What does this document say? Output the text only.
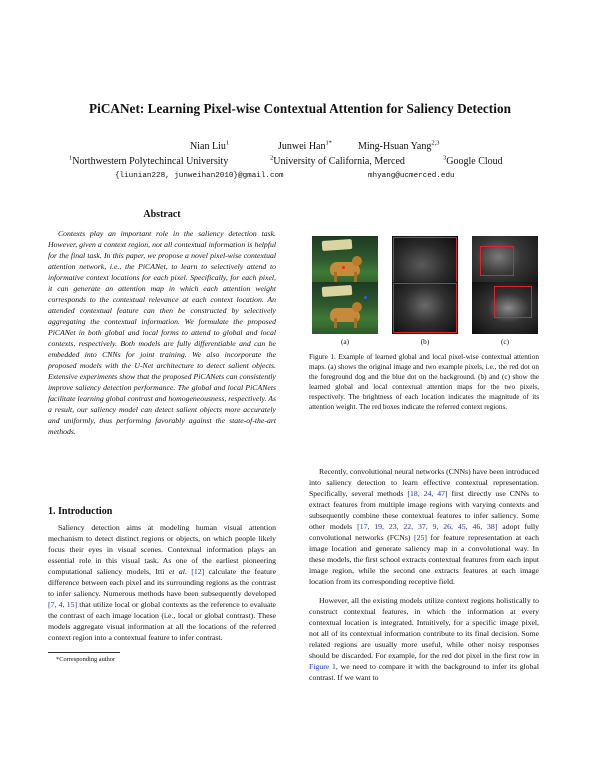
PiCANet: Learning Pixel-wise Contextual Attention for Saliency Detection
Nian Liu$^1$	Junwei Han$^{1*}$	Ming-Hsuan Yang$^{2,3}$
$^1$Northwestern Polytechincal University	$^2$University of California, Merced	$^3$Google Cloud
{liunian228, junweihan2010}@gmail.com	mhyang@ucmerced.edu
Abstract
Contexts play an important role in the saliency detection task. However, given a context region, not all contextual information is helpful for the final task. In this paper, we propose a novel pixel-wise contextual attention network, i.e., the PiCANet, to learn to selectively attend to informative context locations for each pixel. Specifically, for each pixel, it can generate an attention map in which each attention weight corresponds to the contextual relevance at each context location. An attended contextual feature can then be constructed by selectively aggregating the contextual information. We formulate the proposed PiCANet in both global and local forms to attend to global and local contexts, respectively. Both models are fully differentiable and can be embedded into CNNs for joint training. We also incorporate the proposed models with the U-Net architecture to detect salient objects. Extensive experiments show that the proposed PiCANets can consistently improve saliency detection performance. The global and local PiCANets facilitate learning global contrast and homogeneousness, respectively. As a result, our saliency model can detect salient objects more accurately and uniformly, thus performing favorably against the state-of-the-art methods.
1. Introduction
Saliency detection aims at modeling human visual attention mechanism to detect distinct regions or objects, on which people likely focus their eyes in visual scenes. Contextual information plays an essential role in this visual task. As one of the earliest pioneering computational saliency models, Itti et al. [12] calculate the feature difference between each pixel and its surrounding regions as the contrast to infer saliency. Numerous methods have been subsequently developed [7, 4, 15] that utilize local or global contexts as the reference to evaluate the contrast of each image location (i.e., local or global contrast). These models aggregate visual information at all the locations of the referred context region into a contextual feature to infer contrast.
*Corresponding author
(a)	(b)	(c)
Figure 1. Example of learned global and local pixel-wise contextual attention maps. (a) shows the original image and two example pixels, i.e., the red dot on the foreground dog and the blue dot on the background. (b) and (c) show the learned global and local contextual attention maps for the two pixels, respectively. The brightness of each location indicates the magnitude of its attention weight. The red boxes indicate the referred context regions.

Recently, convolutional neural networks (CNNs) have been introduced into saliency detection to learn effective contextual representation. Specifically, several methods [18, 24, 47] first directly use CNNs to extract features from multiple image regions with varying contexts and subsequently combine these contextual features to infer saliency. Some other models [17, 19, 23, 22, 37, 9, 26, 45, 46, 38] adopt fully convolutional networks (FCNs) [25] for feature representation at each image location and generate saliency map in a convolutional way. In these models, the first school extracts contextual features from each input image region, while the second one extracts features at each image location from its corresponding receptive field.

However, all the existing models utilize context regions holistically to construct contextual features, in which the information at every contextual location is integrated. Intuitively, for a specific image pixel, not all of its contextual information contribute to its final decision. Some related regions are usually more useful, while other noisy responses should be discarded. For example, for the red dot pixel in the first row in Figure 1, we need to compare it with the background to infer its global contrast. If we want to
